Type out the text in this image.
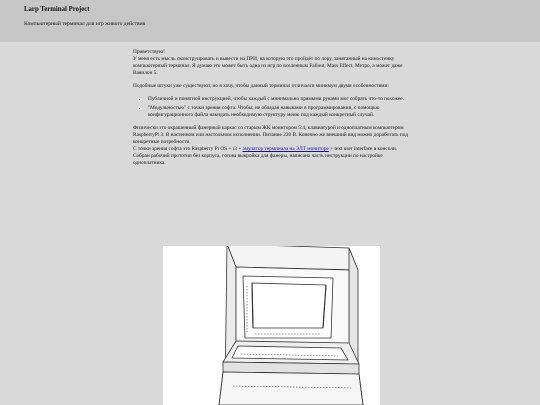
Larp Terminal Project
Компьютерный терминал для игр живого действия

Приветствую!
У меня есть мысль сконструировать и вывести на ПРИ, на которую это пройдёт по лору, занятанный на киностенку компьютерный терминал. Я думаю это может быть одна из игр по вселенным Fallout, Mass Effect, Метро, а может даже Вавилон 5.

Подобные штуки уже существуют, но я хочу, чтобы данный терминал отличался минимум двумя особенностями:

• Публичной и понятной инструкцией, чтобы каждый с минимально прямыми руками мог собрать что-то похожее.
• "Модульностью" с точки зрения софта. Чтобы, не обладая навыками в программировании, с помощью конфигурационного файла накидать необходимую структуру меню под каждый конкретный случай.

Физически это окрашенный фанерный каркас со старым ЖК монитором 5:4, клавиатурой и одноплатным компьютером RaspberryPi 3. В настенном или настольном исполнении. Питание 220 В. Конечно же внешний вид можно доработать под конкретные потребности.
С точки зрения софта это Raspberry Pi OS + i3 + эмулятор терминала на ЭЛТ мониторе + text user interface в консоли.
Собран рабочий прототип без корпуса, готова выкройка для фанеры, написана часть инструкции по настройке одноплатника.
